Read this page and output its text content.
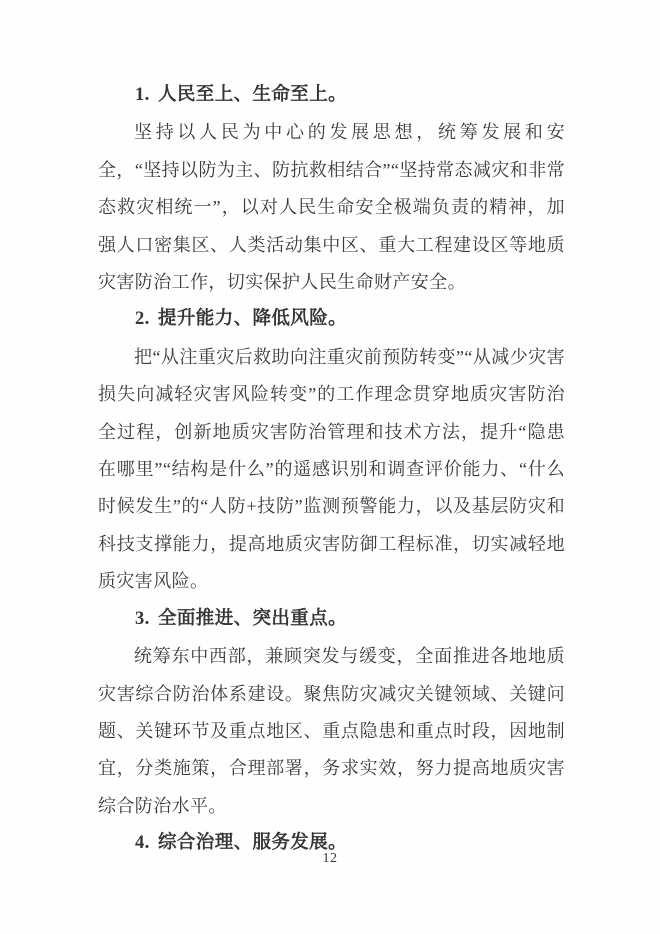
1. 人民至上、生命至上。

坚持以人民为中心的发展思想，统筹发展和安全，“坚持以防为主、防抗救相结合”“坚持常态减灾和非常态救灾相统一”，以对人民生命安全极端负责的精神，加强人口密集区、人类活动集中区、重大工程建设区等地质灾害防治工作，切实保护人民生命财产安全。

2. 提升能力、降低风险。

把“从注重灾后救助向注重灾前预防转变”“从减少灾害损失向减轻灾害风险转变”的工作理念贯穿地质灾害防治全过程，创新地质灾害防治管理和技术方法，提升“隐患在哪里”“结构是什么”的遥感识别和调查评价能力、“什么时候发生”的“人防+技防”监测预警能力，以及基层防灾和科技支撑能力，提高地质灾害防御工程标准，切实减轻地质灾害风险。

3. 全面推进、突出重点。

统筹东中西部，兼顾突发与缓变，全面推进各地地质灾害综合防治体系建设。聚焦防灾减灾关键领域、关键问题、关键环节及重点地区、重点隐患和重点时段，因地制宜，分类施策，合理部署，务求实效，努力提高地质灾害综合防治水平。

4. 综合治理、服务发展。
12
